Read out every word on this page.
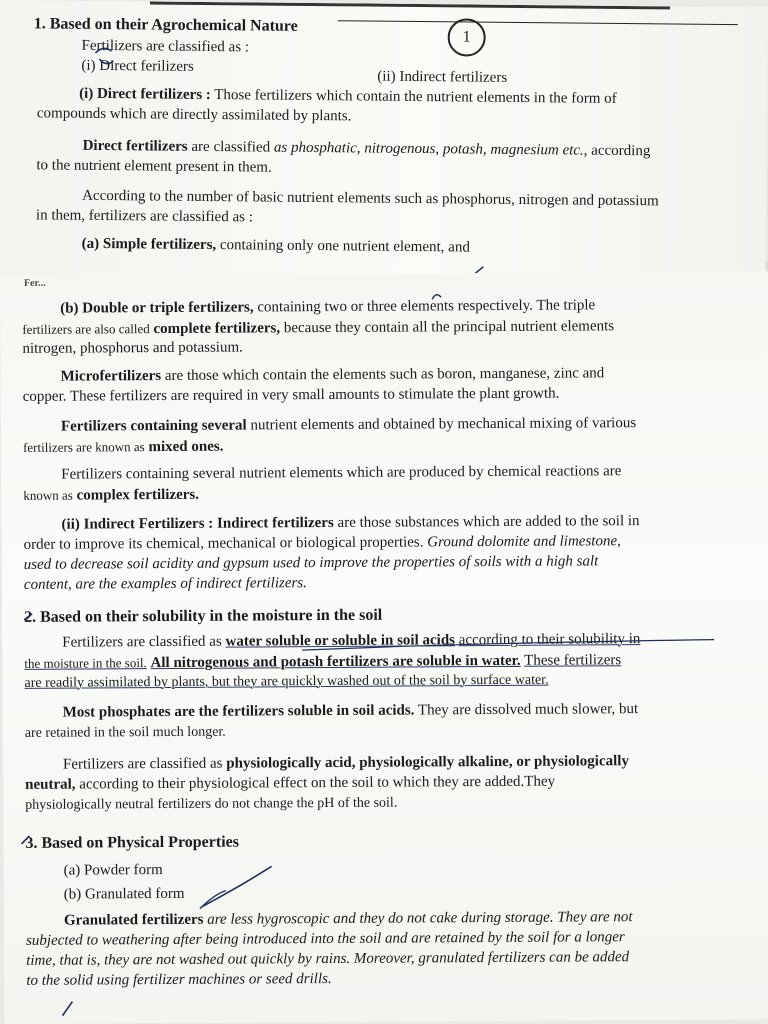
1

1. Based on their Agrochemical Nature

Fertilizers are classified as :

(i) Direct ferilizers

(ii) Indirect fertilizers

(i) Direct fertilizers : Those fertilizers which contain the nutrient elements in the form of

compounds which are directly assimilated by plants.

Direct fertilizers are classified as phosphatic, nitrogenous, potash, magnesium etc., according

to the nutrient element present in them.

According to the number of basic nutrient elements such as phosphorus, nitrogen and potassium

in them, fertilizers are classified as :

(a) Simple fertilizers, containing only one nutrient element, and

Fer...

(b) Double or triple fertilizers, containing two or three elements respectively. The triple

fertilizers are also called complete fertilizers, because they contain all the principal nutrient elements

nitrogen, phosphorus and potassium.

Microfertilizers are those which contain the elements such as boron, manganese, zinc and

copper. These fertilizers are required in very small amounts to stimulate the plant growth.

Fertilizers containing several nutrient elements and obtained by mechanical mixing of various

fertilizers are known as mixed ones.

Fertilizers containing several nutrient elements which are produced by chemical reactions are

known as complex fertilizers.

(ii) Indirect Fertilizers : Indirect fertilizers are those substances which are added to the soil in

order to improve its chemical, mechanical or biological properties. Ground dolomite and limestone,

used to decrease soil acidity and gypsum used to improve the properties of soils with a high salt

content, are the examples of indirect fertilizers.

2. Based on their solubility in the moisture in the soil

Fertilizers are classified as water soluble or soluble in soil acids according to their solubility in

the moisture in the soil. All nitrogenous and potash fertilizers are soluble in water. These fertilizers

are readily assimilated by plants, but they are quickly washed out of the soil by surface water.

Most phosphates are the fertilizers soluble in soil acids. They are dissolved much slower, but

are retained in the soil much longer.

Fertilizers are classified as physiologically acid, physiologically alkaline, or physiologically

neutral, according to their physiological effect on the soil to which they are added.They

physiologically neutral fertilizers do not change the pH of the soil.

3. Based on Physical Properties

(a) Powder form

(b) Granulated form

Granulated fertilizers are less hygroscopic and they do not cake during storage. They are not

subjected to weathering after being introduced into the soil and are retained by the soil for a longer

time, that is, they are not washed out quickly by rains. Moreover, granulated fertilizers can be added

to the solid using fertilizer machines or seed drills.
